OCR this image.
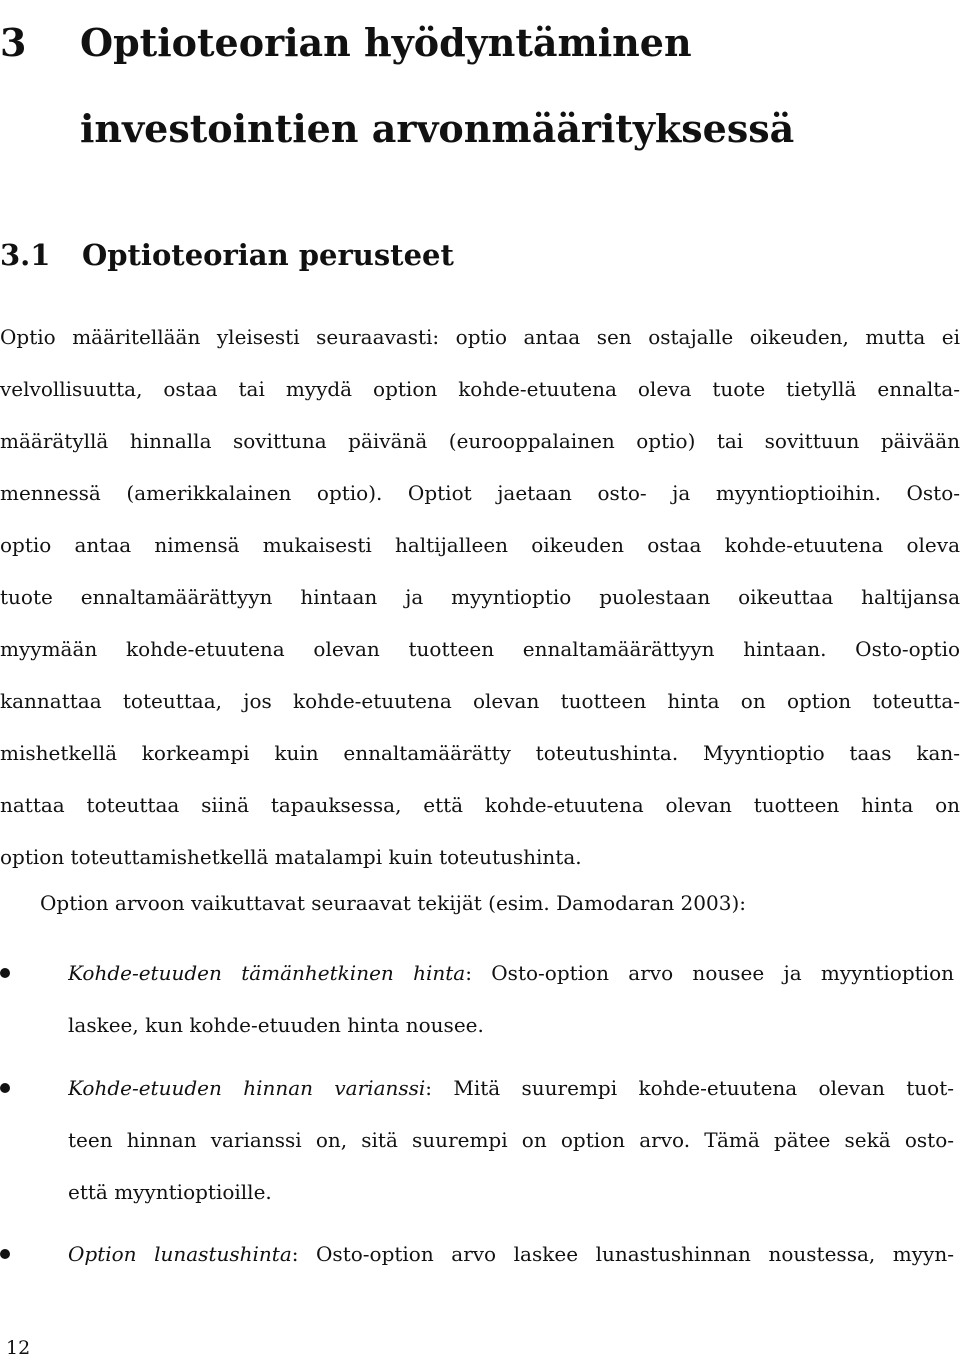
3 Optioteorian hyödyntäminen
investointien arvonmäärityksessä
3.1 Optioteorian perusteet
Optio määritellään yleisesti seuraavasti: optio antaa sen ostajalle oikeuden, mutta ei
velvollisuutta, ostaa tai myydä option kohde-etuutena oleva tuote tietyllä ennalta-
määrätyllä hinnalla sovittuna päivänä (eurooppalainen optio) tai sovittuun päivään
mennessä (amerikkalainen optio). Optiot jaetaan osto- ja myyntioptioihin. Osto-
optio antaa nimensä mukaisesti haltijalleen oikeuden ostaa kohde-etuutena oleva
tuote ennaltamäärättyyn hintaan ja myyntioptio puolestaan oikeuttaa haltijansa
myymään kohde-etuutena olevan tuotteen ennaltamäärättyyn hintaan. Osto-optio
kannattaa toteuttaa, jos kohde-etuutena olevan tuotteen hinta on option toteutta-
mishetkellä korkeampi kuin ennaltamäärätty toteutushinta. Myyntioptio taas kan-
nattaa toteuttaa siinä tapauksessa, että kohde-etuutena olevan tuotteen hinta on
option toteuttamishetkellä matalampi kuin toteutushinta.
Option arvoon vaikuttavat seuraavat tekijät (esim. Damodaran 2003):
Kohde-etuuden tämänhetkinen hinta: Osto-option arvo nousee ja myyntioption
laskee, kun kohde-etuuden hinta nousee.
Kohde-etuuden hinnan varianssi: Mitä suurempi kohde-etuutena olevan tuot-
teen hinnan varianssi on, sitä suurempi on option arvo. Tämä pätee sekä osto-
että myyntioptioille.
Option lunastushinta: Osto-option arvo laskee lunastushinnan noustessa, myyn-
12
